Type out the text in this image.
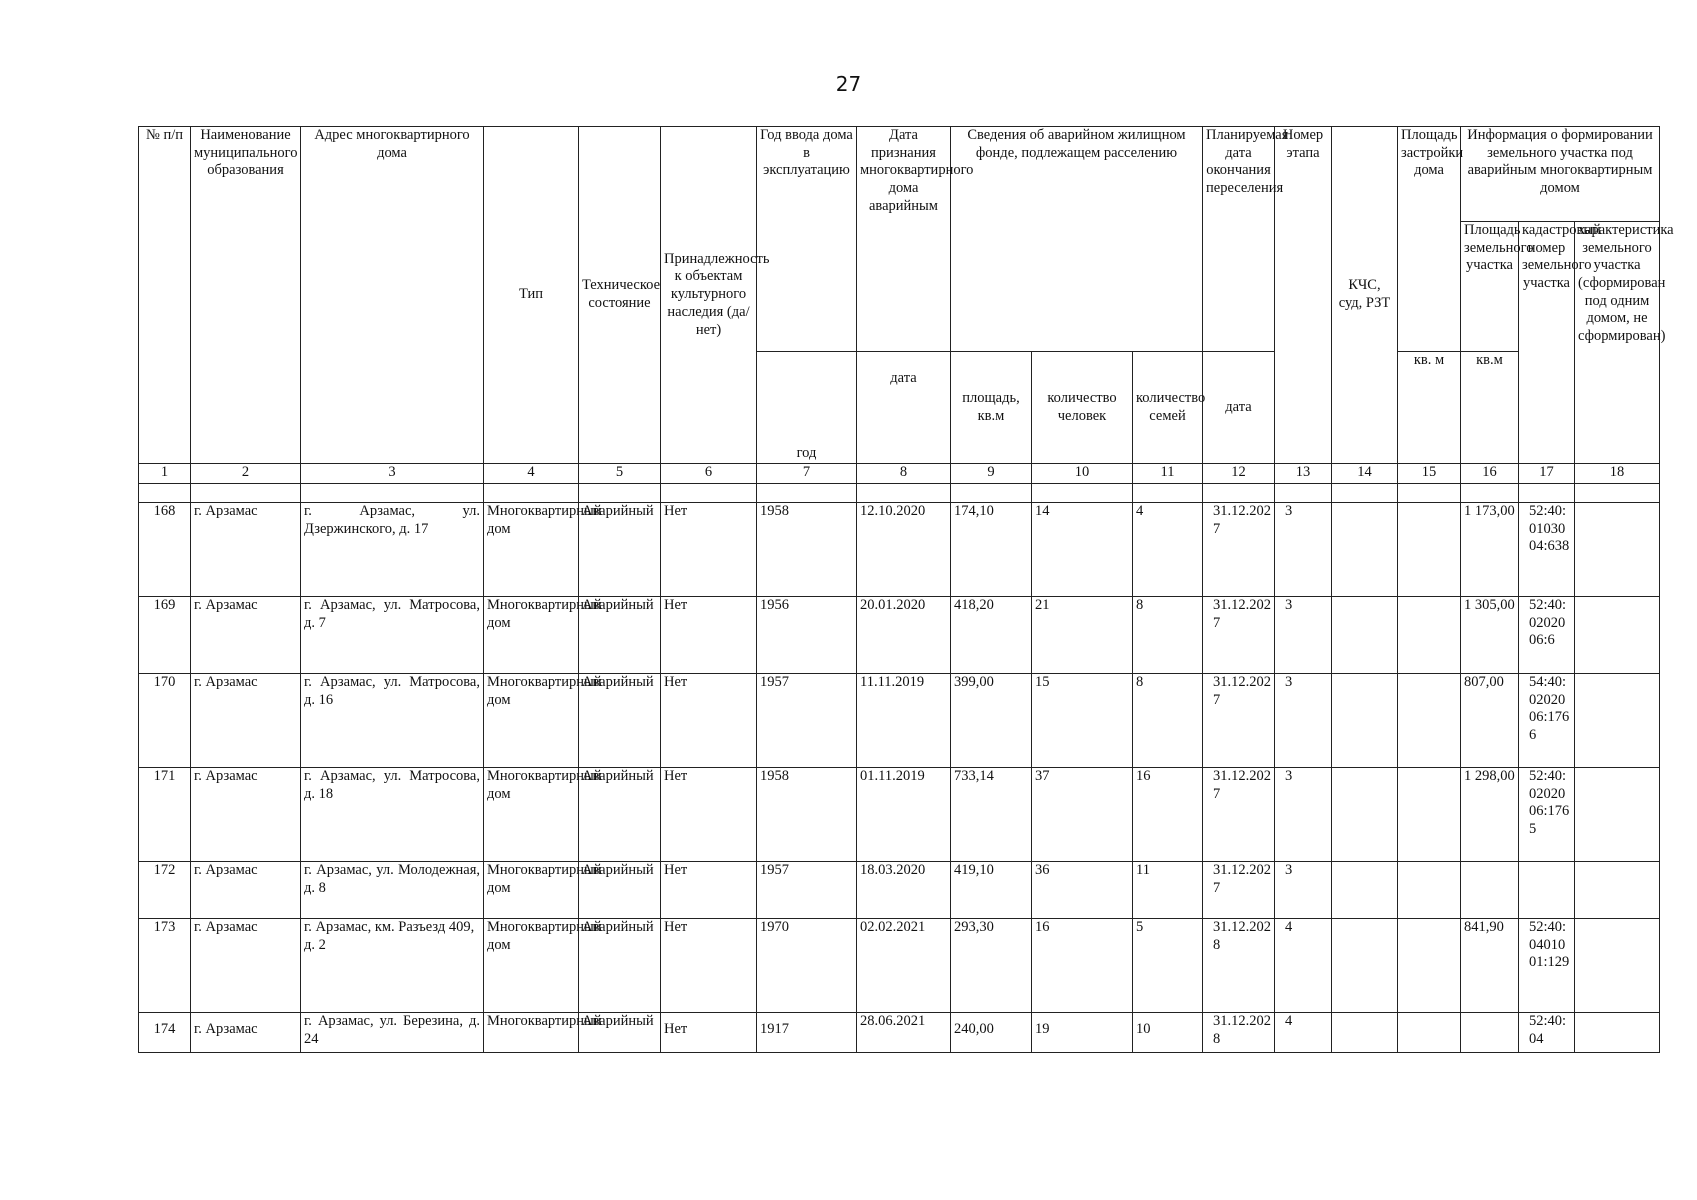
27
№ п/п	Наименование муниципального образования	Адрес многоквартирного дома	Тип	Техническое состояние	Принадлежность к объектам культурного наследия (да/нет)	Год ввода дома в эксплуатацию	Дата признания многоквартирного дома аварийным	Сведения об аварийном жилищном фонде, подлежащем расселению			Планируемая дата окончания переселения	Номер этапа	КЧС, суд, РЗТ	Площадь застройки дома	Информация о формировании земельного участка под аварийным многоквартирным домом		
															Площадь земельного участка	кадастровый номер земельного участка	характеристика земельного участка (сформирован под одним домом, не сформирован)
						год	дата	площадь, кв.м	количество человек	количество семей	дата			кв. м	кв.м		
1	2	3	4	5	6	7	8	9	10	11	12	13	14	15	16	17	18

168	г. Арзамас	г. Арзамас, ул. Дзержинского, д. 17	Многоквартирный дом	Аварийный	Нет	1958	12.10.2020	174,10	14	4	31.12.2027	3			1 173,00	52:40:0103004:638	
169	г. Арзамас	г. Арзамас, ул. Матросова, д. 7	Многоквартирный дом	Аварийный	Нет	1956	20.01.2020	418,20	21	8	31.12.2027	3			1 305,00	52:40:0202006:6	
170	г. Арзамас	г. Арзамас, ул. Матросова, д. 16	Многоквартирный дом	Аварийный	Нет	1957	11.11.2019	399,00	15	8	31.12.2027	3			807,00	54:40:0202006:1766	
171	г. Арзамас	г. Арзамас, ул. Матросова, д. 18	Многоквартирный дом	Аварийный	Нет	1958	01.11.2019	733,14	37	16	31.12.2027	3			1 298,00	52:40:0202006:1765	
172	г. Арзамас	г. Арзамас, ул. Молодежная, д. 8	Многоквартирный дом	Аварийный	Нет	1957	18.03.2020	419,10	36	11	31.12.2027	3					
173	г. Арзамас	г. Арзамас, км. Разъезд 409, д. 2	Многоквартирный дом	Аварийный	Нет	1970	02.02.2021	293,30	16	5	31.12.2028	4			841,90	52:40:0401001:129	
174	г. Арзамас	г. Арзамас, ул. Березина, д. 24	Многоквартирный	Аварийный	Нет	1917	28.06.2021	240,00	19	10	31.12.2028	4				52:40:04	
